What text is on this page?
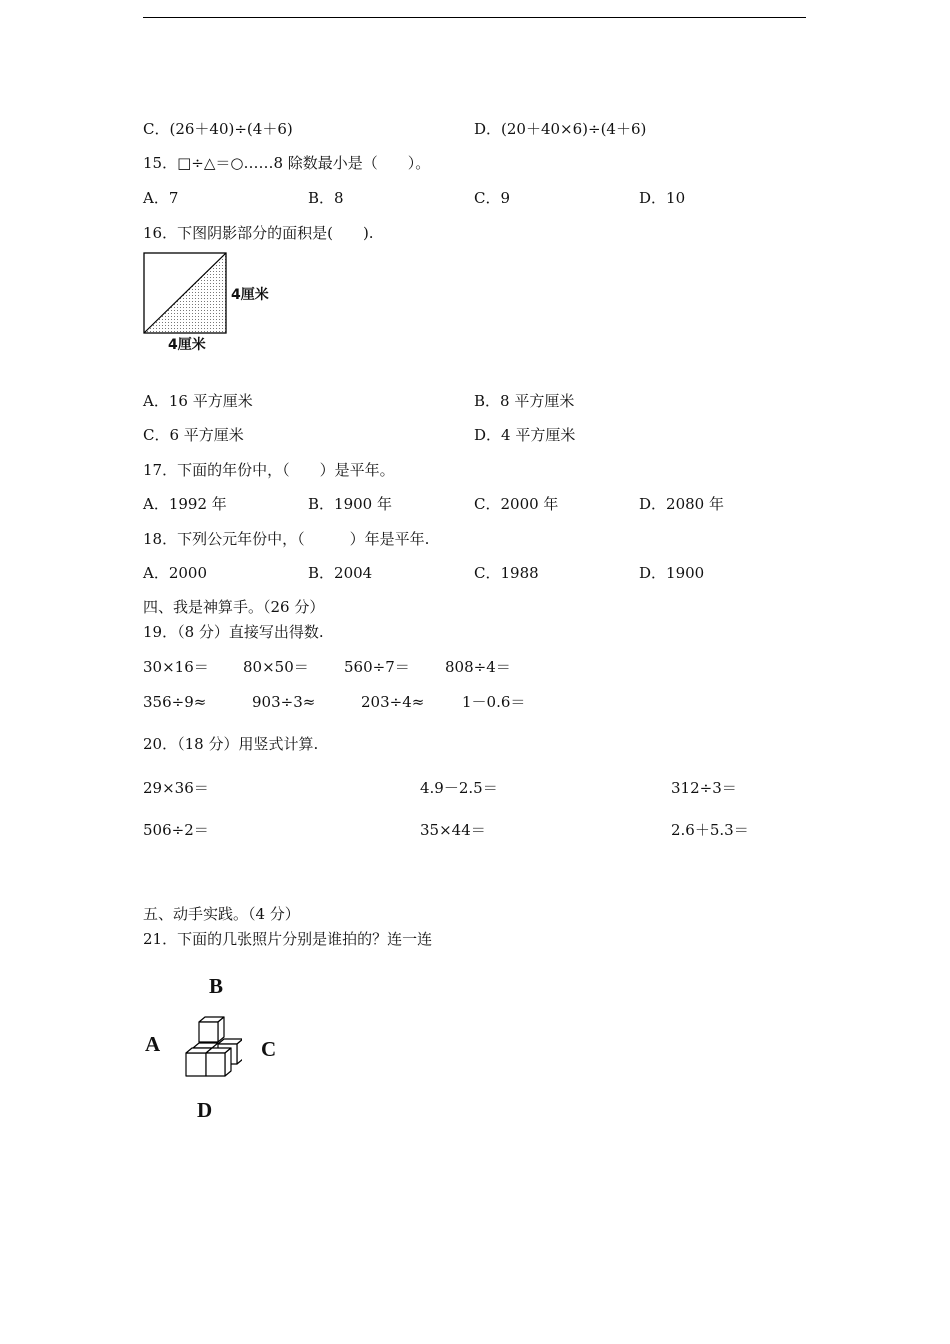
C．(26＋40)÷(4＋6)	D．(20＋40×6)÷(4＋6)
15．□÷△＝○……8 除数最小是（　　）。
A．7	B．8	C．9	D．10
16．下图阴影部分的面积是(　　).
4厘米
4厘米
A．16 平方厘米	B．8 平方厘米
C．6 平方厘米	D．4 平方厘米
17．下面的年份中，（　　）是平年。
A．1992 年	B．1900 年	C．2000 年	D．2080 年
18．下列公元年份中，（　　　）年是平年.
A．2000	B．2004	C．1988	D．1900
四、我是神算手。（26 分）
19．（8 分）直接写出得数.
30×16＝ 80×50＝ 560÷7＝ 808÷4＝
356÷9≈	903÷3≈	203÷4≈	1－0.6＝
20．（18 分）用竖式计算.
29×36＝	4.9－2.5＝	312÷3＝
506÷2＝	35×44＝	2.6＋5.3＝
五、动手实践。（4 分）
21．下面的几张照片分别是谁拍的？连一连
B
A	C
D
